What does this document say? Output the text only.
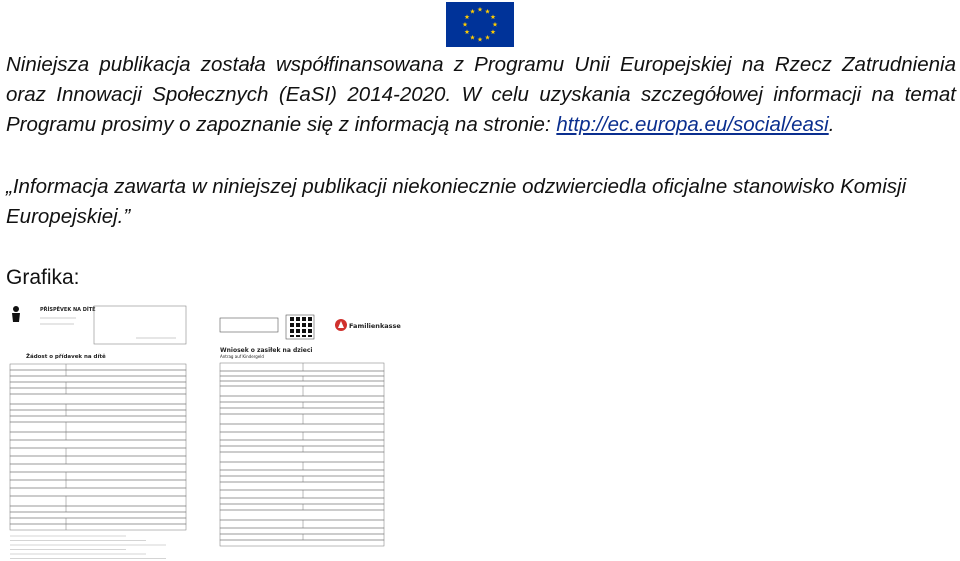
Niniejsza publikacja została współfinansowana z Programu Unii Europejskiej na Rzecz Zatrudnienia oraz Innowacji Społecznych (EaSI) 2014-2020. W celu uzyskania szczegółowej informacji na temat Programu prosimy o zapoznanie się z informacją na stronie: http://ec.europa.eu/social/easi.

„Informacja zawarta w niniejszej publikacji niekoniecznie odzwierciedla oficjalne stanowisko Komisji Europejskiej.”

Grafika:

PŘÍSPĚVEK NA DÍTĚ
Žádost o přídavek na dítě
Familienkasse
Wniosek o zasiłek na dzieci
Antrag auf Kindergeld
